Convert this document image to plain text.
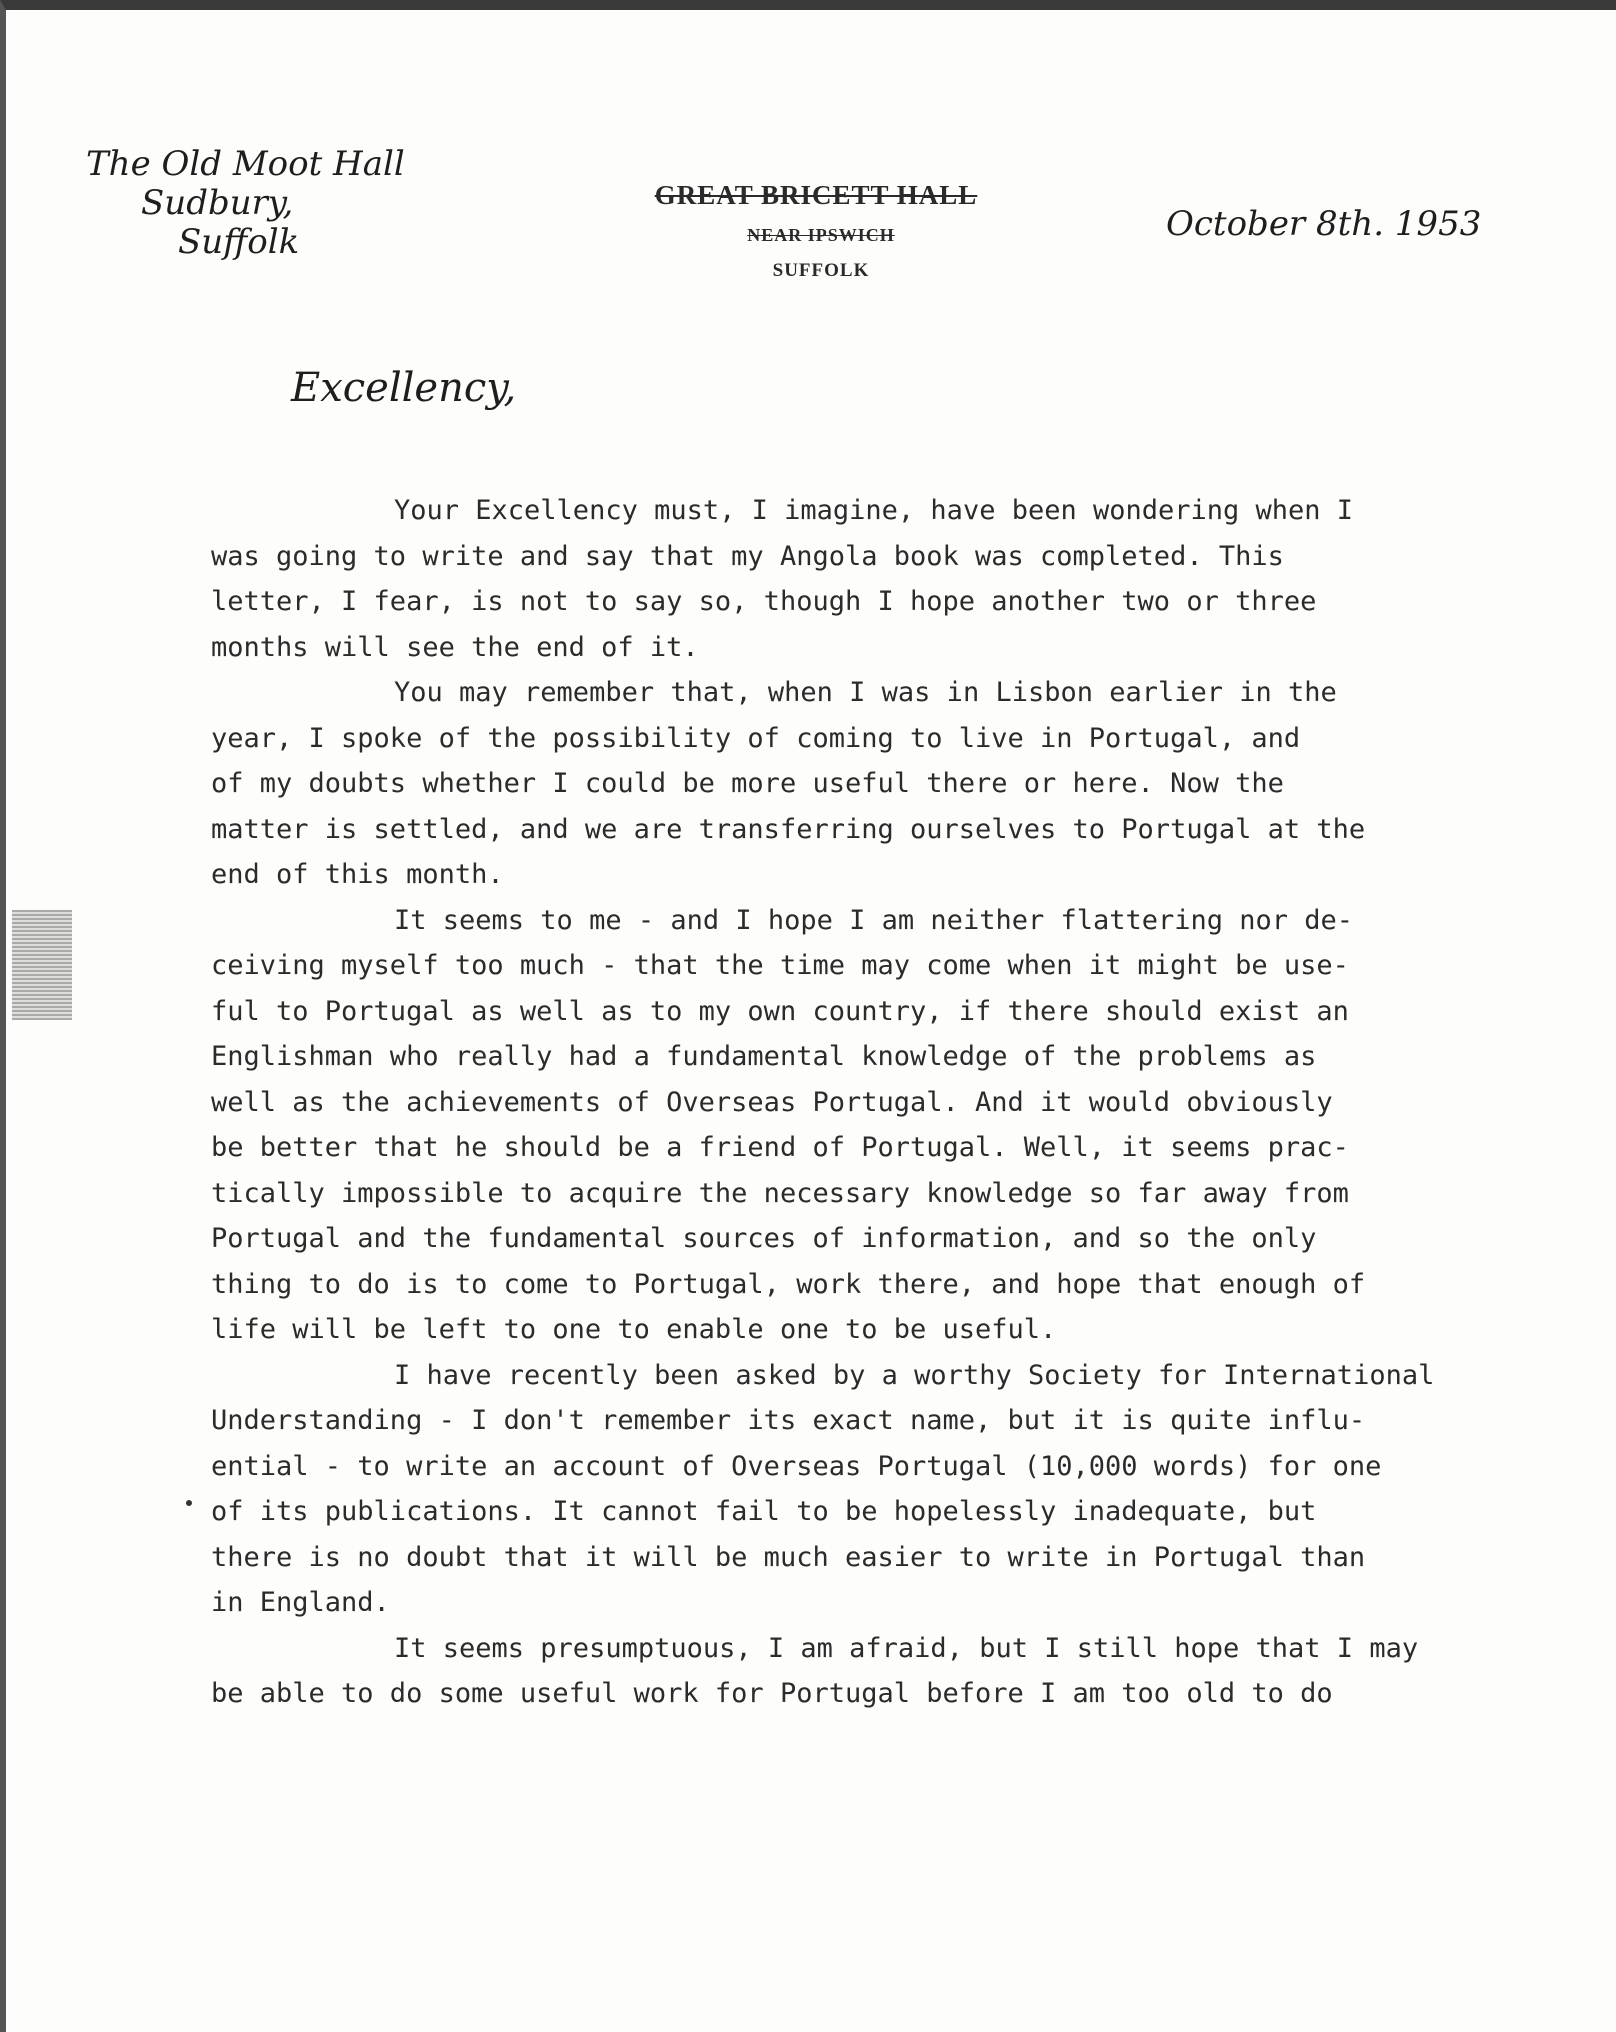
The Old Moot Hall
Sudbury,
Suffolk
GREAT BRICETT HALL
NEAR IPSWICH
SUFFOLK
October 8th. 1953
Excellency,
Your Excellency must, I imagine, have been wondering when I
was going to write and say that my Angola book was completed. This
letter, I fear, is not to say so, though I hope another two or three
months will see the end of it.
You may remember that, when I was in Lisbon earlier in the
year, I spoke of the possibility of coming to live in Portugal, and
of my doubts whether I could be more useful there or here. Now the
matter is settled, and we are transferring ourselves to Portugal at the
end of this month.
It seems to me - and I hope I am neither flattering nor de-
ceiving myself too much - that the time may come when it might be use-
ful to Portugal as well as to my own country, if there should exist an
Englishman who really had a fundamental knowledge of the problems as
well as the achievements of Overseas Portugal. And it would obviously
be better that he should be a friend of Portugal. Well, it seems prac-
tically impossible to acquire the necessary knowledge so far away from
Portugal and the fundamental sources of information, and so the only
thing to do is to come to Portugal, work there, and hope that enough of
life will be left to one to enable one to be useful.
I have recently been asked by a worthy Society for International
Understanding - I don't remember its exact name, but it is quite influ-
ential - to write an account of Overseas Portugal (10,000 words) for one
of its publications. It cannot fail to be hopelessly inadequate, but
there is no doubt that it will be much easier to write in Portugal than
in England.
It seems presumptuous, I am afraid, but I still hope that I may
be able to do some useful work for Portugal before I am too old to do
